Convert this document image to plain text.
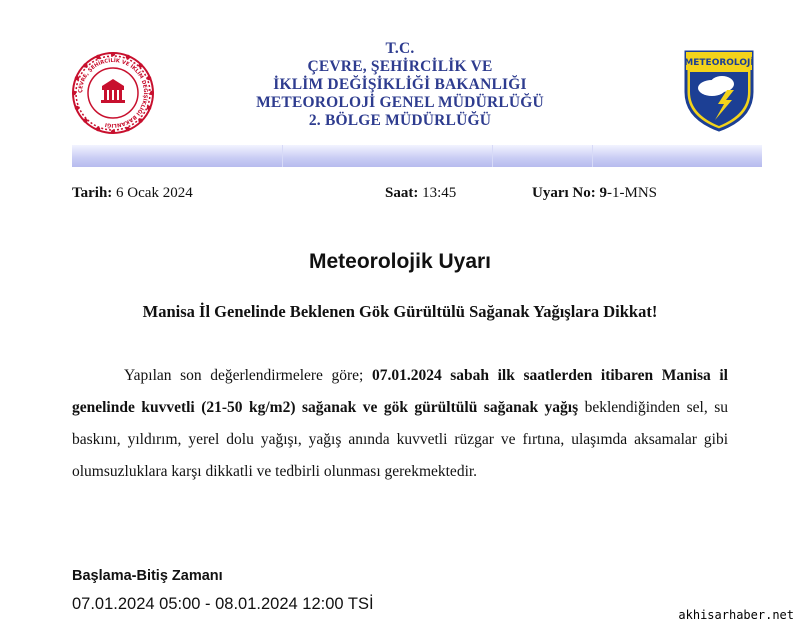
ÇEVRE, ŞEHİRCİLİK VE İKLİM DEĞİŞİKLİĞİ BAKANLIĞI
T.C.
ÇEVRE, ŞEHİRCİLİK VE
İKLİM DEĞİŞİKLİĞİ BAKANLIĞI
METEOROLOJİ GENEL MÜDÜRLÜĞÜ
2. BÖLGE MÜDÜRLÜĞÜ
METEOROLOJİ
Tarih: 6 Ocak 2024	Saat: 13:45	Uyarı No: 9-1-MNS
Meteorolojik Uyarı
Manisa İl Genelinde Beklenen Gök Gürültülü Sağanak Yağışlara Dikkat!
Yapılan son değerlendirmelere göre; 07.01.2024 sabah ilk saatlerden itibaren Manisa il genelinde kuvvetli (21-50 kg/m2) sağanak ve gök gürültülü sağanak yağış beklendiğinden sel, su baskını, yıldırım, yerel dolu yağışı, yağış anında kuvvetli rüzgar ve fırtına, ulaşımda aksamalar gibi olumsuzluklara karşı dikkatli ve tedbirli olunması gerekmektedir.
Başlama-Bitiş Zamanı
07.01.2024 05:00 - 08.01.2024 12:00 TSİ
akhisarhaber.net
